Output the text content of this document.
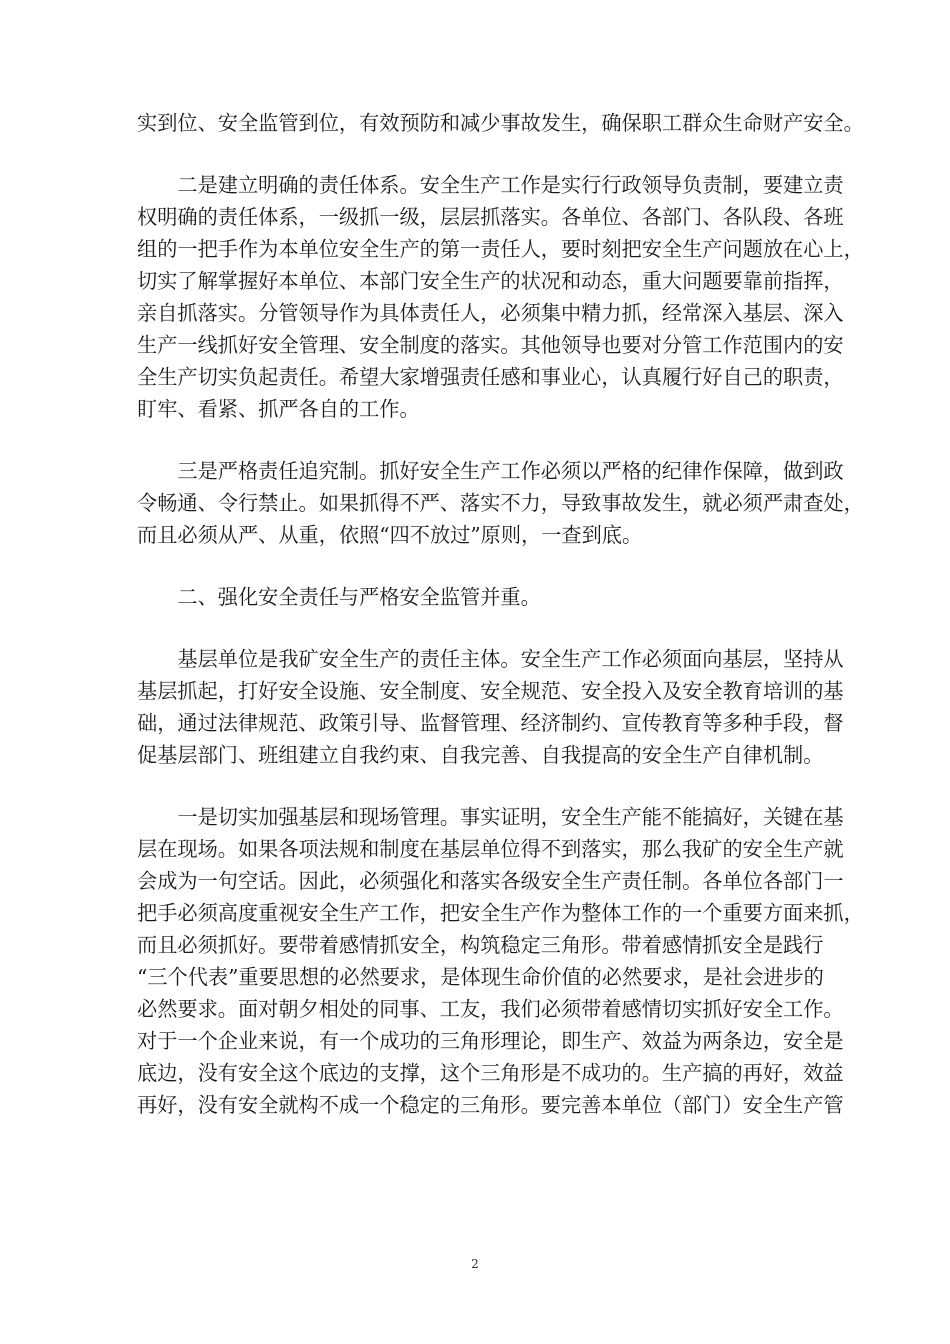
实到位、安全监管到位，有效预防和减少事故发生，确保职工群众生命财产安全。
　　二是建立明确的责任体系。安全生产工作是实行行政领导负责制，要建立责
权明确的责任体系，一级抓一级，层层抓落实。各单位、各部门、各队段、各班
组的一把手作为本单位安全生产的第一责任人，要时刻把安全生产问题放在心上，
切实了解掌握好本单位、本部门安全生产的状况和动态，重大问题要靠前指挥，
亲自抓落实。分管领导作为具体责任人，必须集中精力抓，经常深入基层、深入
生产一线抓好安全管理、安全制度的落实。其他领导也要对分管工作范围内的安
全生产切实负起责任。希望大家增强责任感和事业心，认真履行好自己的职责，
盯牢、看紧、抓严各自的工作。
　　三是严格责任追究制。抓好安全生产工作必须以严格的纪律作保障，做到政
令畅通、令行禁止。如果抓得不严、落实不力，导致事故发生，就必须严肃查处，
而且必须从严、从重，依照“四不放过”原则，一查到底。
　　二、强化安全责任与严格安全监管并重。
　　基层单位是我矿安全生产的责任主体。安全生产工作必须面向基层，坚持从
基层抓起，打好安全设施、安全制度、安全规范、安全投入及安全教育培训的基
础，通过法律规范、政策引导、监督管理、经济制约、宣传教育等多种手段，督
促基层部门、班组建立自我约束、自我完善、自我提高的安全生产自律机制。
　　一是切实加强基层和现场管理。事实证明，安全生产能不能搞好，关键在基
层在现场。如果各项法规和制度在基层单位得不到落实，那么我矿的安全生产就
会成为一句空话。因此，必须强化和落实各级安全生产责任制。各单位各部门一
把手必须高度重视安全生产工作，把安全生产作为整体工作的一个重要方面来抓，
而且必须抓好。要带着感情抓安全，构筑稳定三角形。带着感情抓安全是践行
“三个代表”重要思想的必然要求，是体现生命价值的必然要求，是社会进步的
必然要求。面对朝夕相处的同事、工友，我们必须带着感情切实抓好安全工作。
对于一个企业来说，有一个成功的三角形理论，即生产、效益为两条边，安全是
底边，没有安全这个底边的支撑，这个三角形是不成功的。生产搞的再好，效益
再好，没有安全就构不成一个稳定的三角形。要完善本单位（部门）安全生产管
2
